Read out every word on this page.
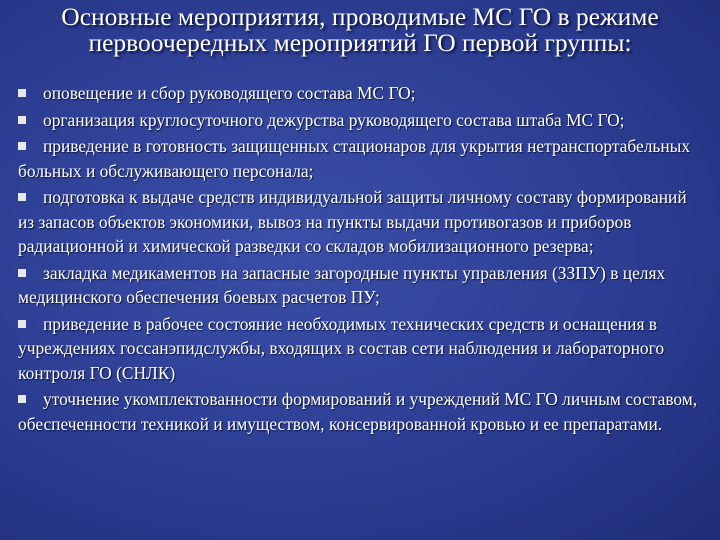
Основные мероприятия, проводимые МС ГО в режиме первоочередных мероприятий ГО первой группы:
оповещение и сбор руководящего состава МС ГО;
организация круглосуточного дежурства руководящего состава штаба МС ГО;
приведение в готовность защищенных стационаров для укрытия нетранспортабельных больных и обслуживающего персонала;
подготовка к выдаче средств индивидуальной защиты личному составу формирований из запасов объектов экономики, вывоз на пункты выдачи противогазов и приборов радиационной и химической разведки со складов мобилизационного резерва;
закладка медикаментов на запасные загородные пункты управления (ЗЗПУ) в целях медицинского обеспечения боевых расчетов ПУ;
приведение в рабочее состояние необходимых технических средств и оснащения в учреждениях госсанэпидслужбы, входящих в состав сети наблюдения и лабораторного контроля ГО (СНЛК)
уточнение укомплектованности формирований и учреждений МС ГО личным составом, обеспеченности техникой и имуществом, консервированной кровью и ее препаратами.
